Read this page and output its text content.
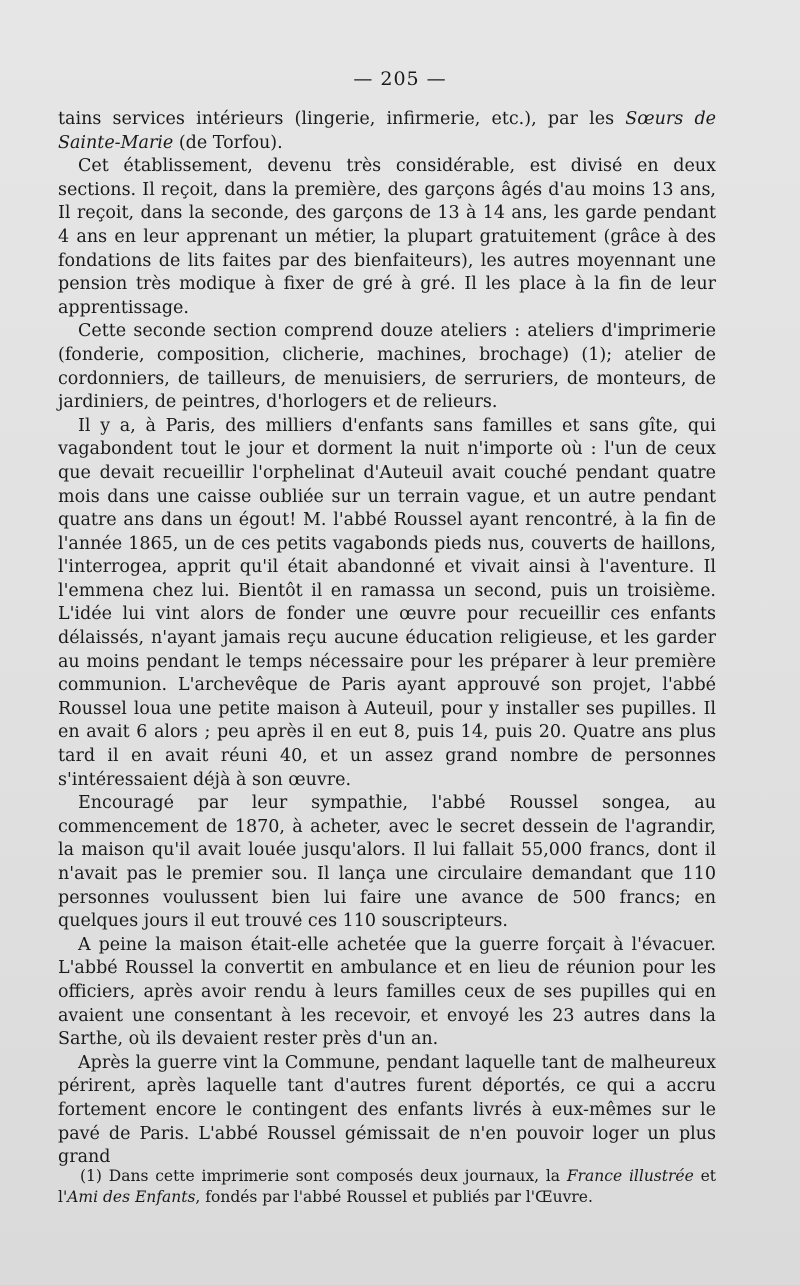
— 205 —

tains services intérieurs (lingerie, infirmerie, etc.), par les Sœurs de Sainte-Marie (de Torfou).

Cet établissement, devenu très considérable, est divisé en deux sections. Il reçoit, dans la première, des garçons âgés d'au moins 13 ans, Il reçoit, dans la seconde, des garçons de 13 à 14 ans, les garde pendant 4 ans en leur apprenant un métier, la plupart gratuitement (grâce à des fondations de lits faites par des bienfaiteurs), les autres moyennant une pension très modique à fixer de gré à gré. Il les place à la fin de leur apprentissage.

Cette seconde section comprend douze ateliers : ateliers d'imprimerie (fonderie, composition, clicherie, machines, brochage) (1); atelier de cordonniers, de tailleurs, de menuisiers, de serruriers, de monteurs, de jardiniers, de peintres, d'horlogers et de relieurs.

Il y a, à Paris, des milliers d'enfants sans familles et sans gîte, qui vagabondent tout le jour et dorment la nuit n'importe où : l'un de ceux que devait recueillir l'orphelinat d'Auteuil avait couché pendant quatre mois dans une caisse oubliée sur un terrain vague, et un autre pendant quatre ans dans un égout! M. l'abbé Roussel ayant rencontré, à la fin de l'année 1865, un de ces petits vagabonds pieds nus, couverts de haillons, l'interrogea, apprit qu'il était abandonné et vivait ainsi à l'aventure. Il l'emmena chez lui. Bientôt il en ramassa un second, puis un troisième. L'idée lui vint alors de fonder une œuvre pour recueillir ces enfants délaissés, n'ayant jamais reçu aucune éducation religieuse, et les garder au moins pendant le temps nécessaire pour les préparer à leur première communion. L'archevêque de Paris ayant approuvé son projet, l'abbé Roussel loua une petite maison à Auteuil, pour y installer ses pupilles. Il en avait 6 alors ; peu après il en eut 8, puis 14, puis 20. Quatre ans plus tard il en avait réuni 40, et un assez grand nombre de personnes s'intéressaient déjà à son œuvre.

Encouragé par leur sympathie, l'abbé Roussel songea, au commencement de 1870, à acheter, avec le secret dessein de l'agrandir, la maison qu'il avait louée jusqu'alors. Il lui fallait 55,000 francs, dont il n'avait pas le premier sou. Il lança une circulaire demandant que 110 personnes voulussent bien lui faire une avance de 500 francs; en quelques jours il eut trouvé ces 110 souscripteurs.

A peine la maison était-elle achetée que la guerre forçait à l'évacuer. L'abbé Roussel la convertit en ambulance et en lieu de réunion pour les officiers, après avoir rendu à leurs familles ceux de ses pupilles qui en avaient une consentant à les recevoir, et envoyé les 23 autres dans la Sarthe, où ils devaient rester près d'un an.

Après la guerre vint la Commune, pendant laquelle tant de malheureux périrent, après laquelle tant d'autres furent déportés, ce qui a accru fortement encore le contingent des enfants livrés à eux-mêmes sur le pavé de Paris. L'abbé Roussel gémissait de n'en pouvoir loger un plus grand

(1) Dans cette imprimerie sont composés deux journaux, la France illustrée et l'Ami des Enfants, fondés par l'abbé Roussel et publiés par l'Œuvre.
